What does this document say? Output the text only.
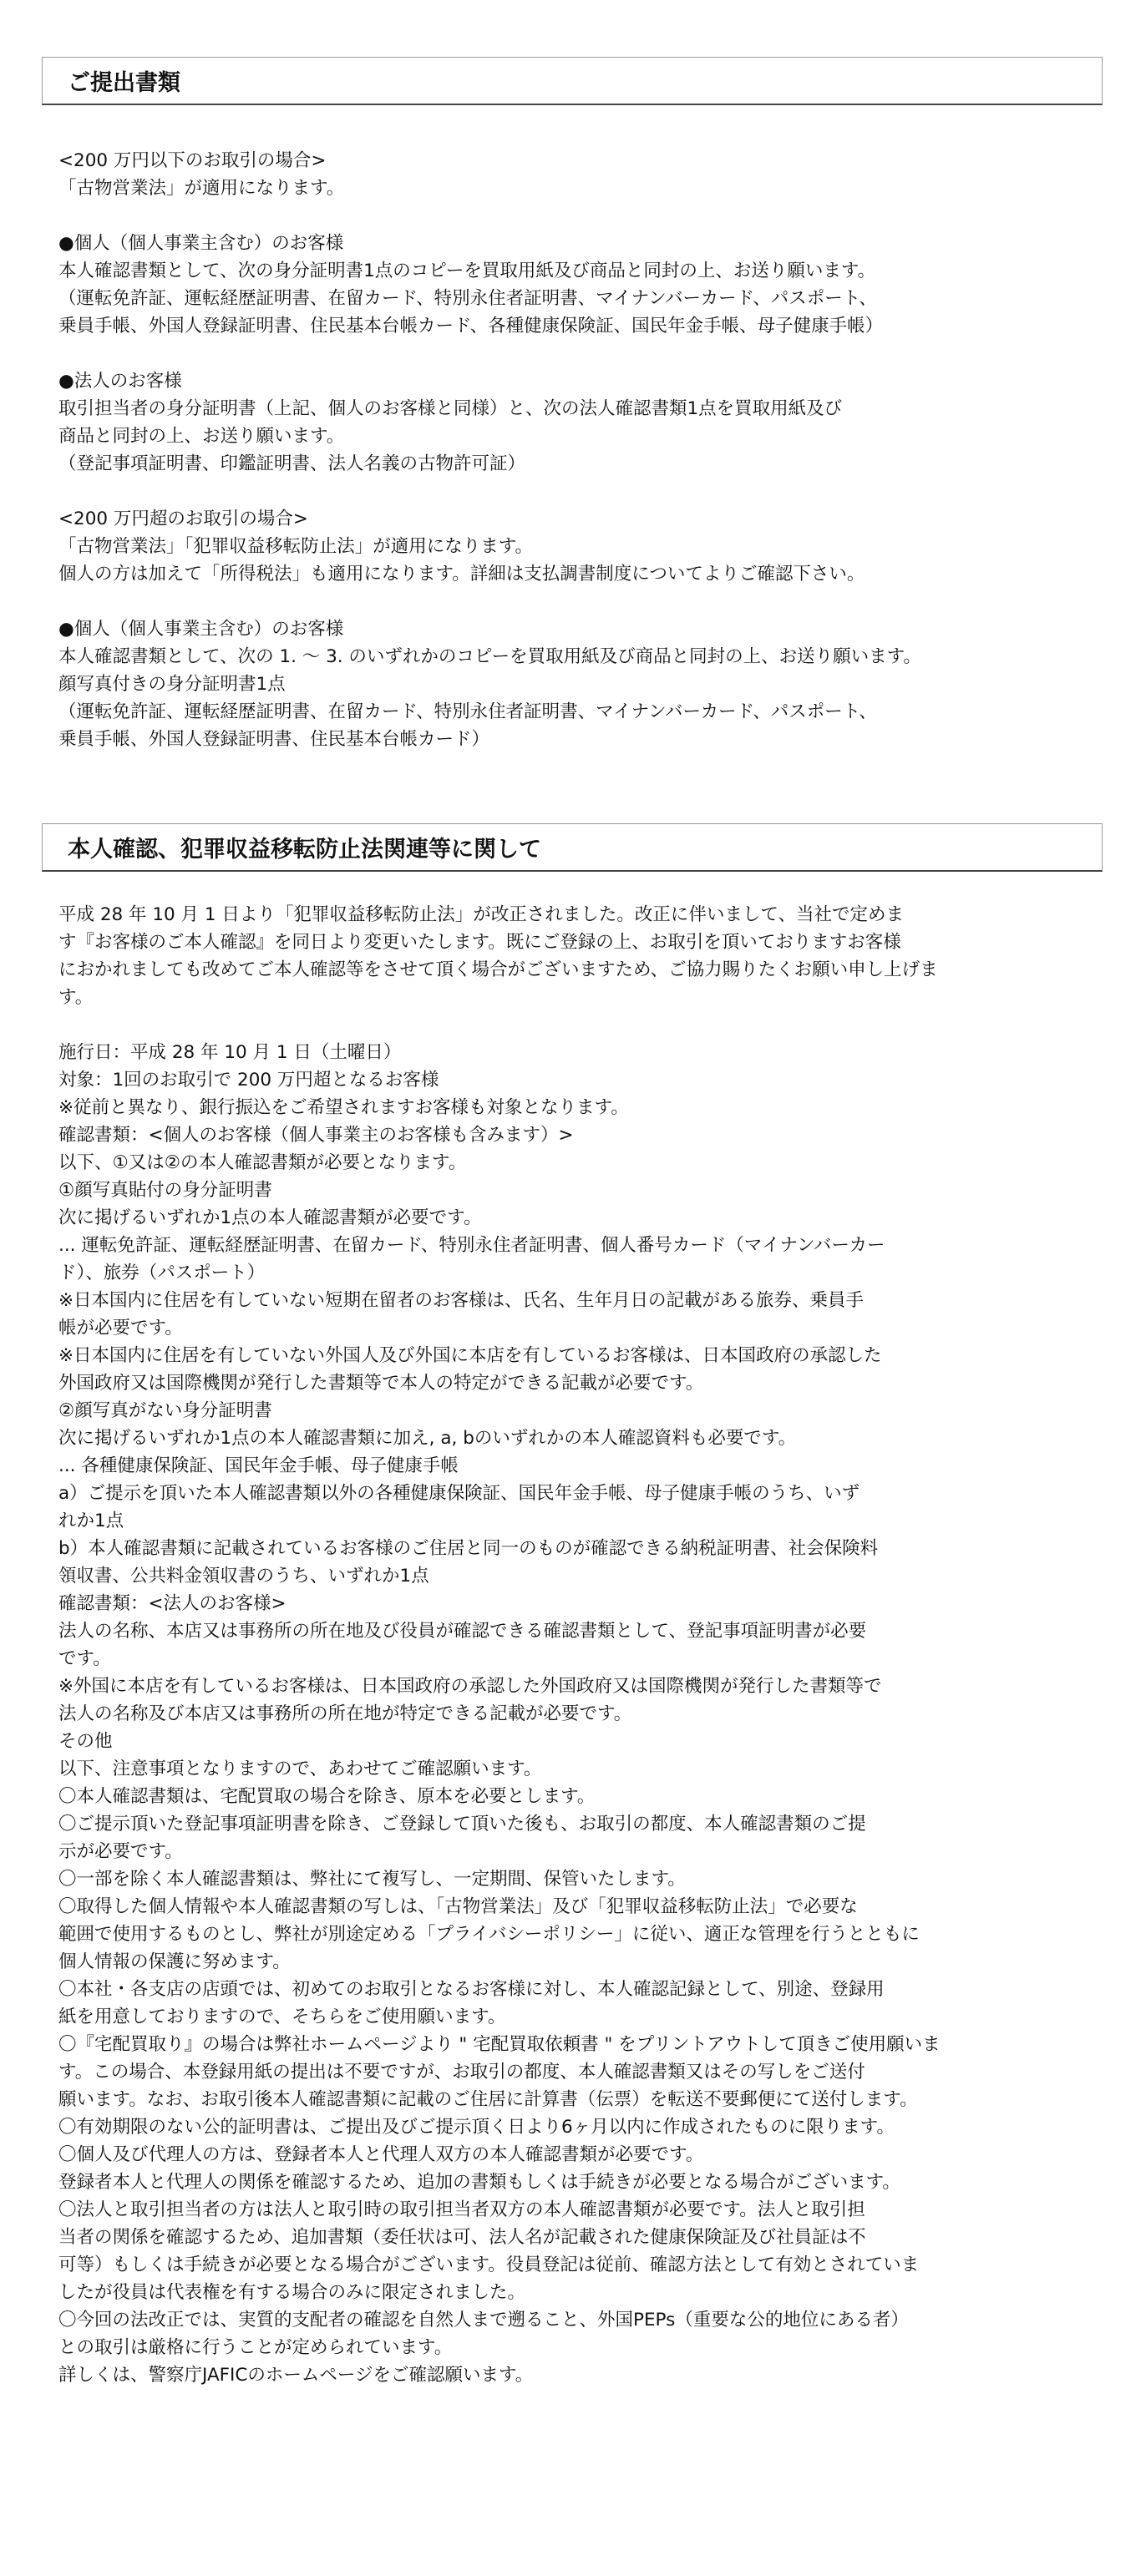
ご提出書類
<200 万円以下のお取引の場合>
「古物営業法」が適用になります。
●個人（個人事業主含む）のお客様
本人確認書類として、次の身分証明書1点のコピーを買取用紙及び商品と同封の上、お送り願います。
（運転免許証、運転経歴証明書、在留カード、特別永住者証明書、マイナンバーカード、パスポート、
乗員手帳、外国人登録証明書、住民基本台帳カード、各種健康保険証、国民年金手帳、母子健康手帳）
●法人のお客様
取引担当者の身分証明書（上記、個人のお客様と同様）と、次の法人確認書類1点を買取用紙及び
商品と同封の上、お送り願います。
（登記事項証明書、印鑑証明書、法人名義の古物許可証）
<200 万円超のお取引の場合>
「古物営業法」「犯罪収益移転防止法」が適用になります。
個人の方は加えて「所得税法」も適用になります。詳細は支払調書制度についてよりご確認下さい。
●個人（個人事業主含む）のお客様
本人確認書類として、次の 1. ～ 3. のいずれかのコピーを買取用紙及び商品と同封の上、お送り願います。
顔写真付きの身分証明書1点
（運転免許証、運転経歴証明書、在留カード、特別永住者証明書、マイナンバーカード、パスポート、
乗員手帳、外国人登録証明書、住民基本台帳カード）
本人確認、犯罪収益移転防止法関連等に関して
平成 28 年 10 月 1 日より「犯罪収益移転防止法」が改正されました。改正に伴いまして、当社で定めま
す『お客様のご本人確認』を同日より変更いたします。既にご登録の上、お取引を頂いておりますお客様
におかれましても改めてご本人確認等をさせて頂く場合がございますため、ご協力賜りたくお願い申し上げま
す。
施行日：平成 28 年 10 月 1 日（土曜日）
対象：1回のお取引で 200 万円超となるお客様
※従前と異なり、銀行振込をご希望されますお客様も対象となります。
確認書類：<個人のお客様（個人事業主のお客様も含みます）>
以下、①又は②の本人確認書類が必要となります。
①顔写真貼付の身分証明書
次に掲げるいずれか1点の本人確認書類が必要です。
... 運転免許証、運転経歴証明書、在留カード、特別永住者証明書、個人番号カード（マイナンバーカー
ド）、旅券（パスポート）
※日本国内に住居を有していない短期在留者のお客様は、氏名、生年月日の記載がある旅券、乗員手
帳が必要です。
※日本国内に住居を有していない外国人及び外国に本店を有しているお客様は、日本国政府の承認した
外国政府又は国際機関が発行した書類等で本人の特定ができる記載が必要です。
②顔写真がない身分証明書
次に掲げるいずれか1点の本人確認書類に加え, a, bのいずれかの本人確認資料も必要です。
... 各種健康保険証、国民年金手帳、母子健康手帳
a）ご提示を頂いた本人確認書類以外の各種健康保険証、国民年金手帳、母子健康手帳のうち、いず
れか1点
b）本人確認書類に記載されているお客様のご住居と同一のものが確認できる納税証明書、社会保険料
領収書、公共料金領収書のうち、いずれか1点
確認書類：<法人のお客様>
法人の名称、本店又は事務所の所在地及び役員が確認できる確認書類として、登記事項証明書が必要
です。
※外国に本店を有しているお客様は、日本国政府の承認した外国政府又は国際機関が発行した書類等で
法人の名称及び本店又は事務所の所在地が特定できる記載が必要です。
その他
以下、注意事項となりますので、あわせてご確認願います。
〇本人確認書類は、宅配買取の場合を除き、原本を必要とします。
〇ご提示頂いた登記事項証明書を除き、ご登録して頂いた後も、お取引の都度、本人確認書類のご提
示が必要です。
〇一部を除く本人確認書類は、弊社にて複写し、一定期間、保管いたします。
〇取得した個人情報や本人確認書類の写しは、「古物営業法」及び「犯罪収益移転防止法」で必要な
範囲で使用するものとし、弊社が別途定める「プライバシーポリシー」に従い、適正な管理を行うとともに
個人情報の保護に努めます。
〇本社・各支店の店頭では、初めてのお取引となるお客様に対し、本人確認記録として、別途、登録用
紙を用意しておりますので、そちらをご使用願います。
〇『宅配買取り』の場合は弊社ホームページより " 宅配買取依頼書 " をプリントアウトして頂きご使用願いま
す。この場合、本登録用紙の提出は不要ですが、お取引の都度、本人確認書類又はその写しをご送付
願います。なお、お取引後本人確認書類に記載のご住居に計算書（伝票）を転送不要郵便にて送付します。
〇有効期限のない公的証明書は、ご提出及びご提示頂く日より6ヶ月以内に作成されたものに限ります。
〇個人及び代理人の方は、登録者本人と代理人双方の本人確認書類が必要です。
登録者本人と代理人の関係を確認するため、追加の書類もしくは手続きが必要となる場合がございます。
〇法人と取引担当者の方は法人と取引時の取引担当者双方の本人確認書類が必要です。法人と取引担
当者の関係を確認するため、追加書類（委任状は可、法人名が記載された健康保険証及び社員証は不
可等）もしくは手続きが必要となる場合がございます。役員登記は従前、確認方法として有効とされていま
したが役員は代表権を有する場合のみに限定されました。
〇今回の法改正では、実質的支配者の確認を自然人まで遡ること、外国PEPs（重要な公的地位にある者）
との取引は厳格に行うことが定められています。
詳しくは、警察庁JAFICのホームページをご確認願います。
